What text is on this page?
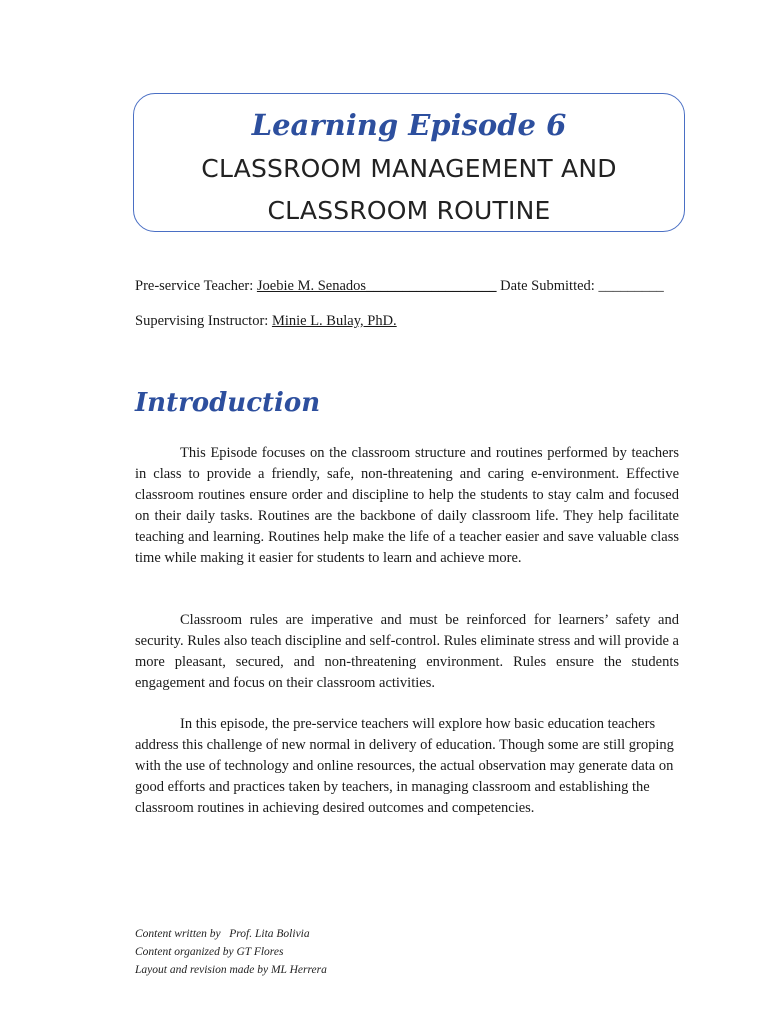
Learning Episode 6
CLASSROOM MANAGEMENT AND
CLASSROOM ROUTINE
Pre-service Teacher: Joebie M. Senados__________________ Date Submitted: _________
Supervising Instructor: Minie L. Bulay, PhD.
Introduction

This Episode focuses on the classroom structure and routines performed by teachers in class to provide a friendly, safe, non-threatening and caring e-environment. Effective classroom routines ensure order and discipline to help the students to stay calm and focused on their daily tasks. Routines are the backbone of daily classroom life. They help facilitate teaching and learning. Routines help make the life of a teacher easier and save valuable class time while making it easier for students to learn and achieve more.

Classroom rules are imperative and must be reinforced for learners’ safety and security. Rules also teach discipline and self-control. Rules eliminate stress and will provide a more pleasant, secured, and non-threatening environment. Rules ensure the students engagement and focus on their classroom activities.

In this episode, the pre-service teachers will explore how basic education teachers address this challenge of new normal in delivery of education. Though some are still groping with the use of technology and online resources, the actual observation may generate data on good efforts and practices taken by teachers, in managing classroom and establishing the classroom routines in achieving desired outcomes and competencies.

Content written by   Prof. Lita Bolivia
Content organized by GT Flores
Layout and revision made by ML Herrera
